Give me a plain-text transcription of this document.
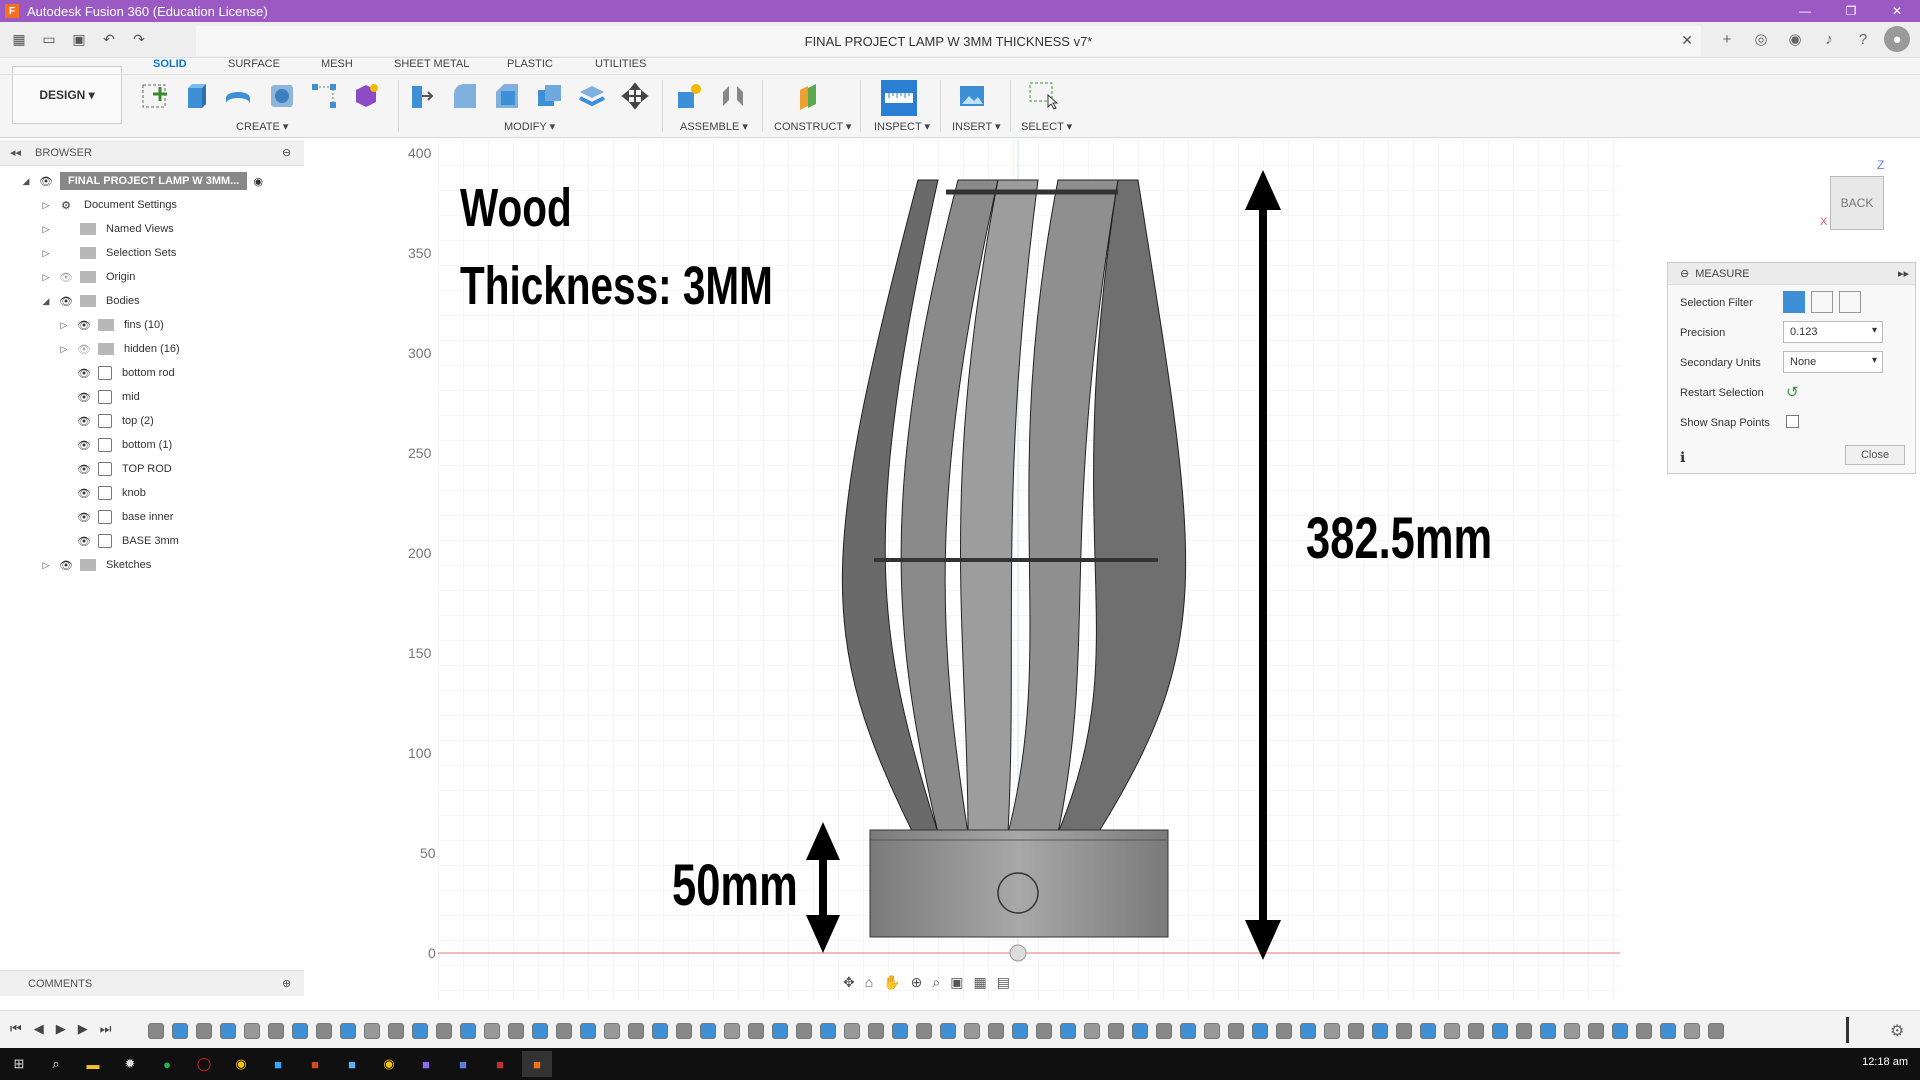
F Autodesk Fusion 360 (Education License)	—	❐	✕
▦	▭	▣	↶	↷	FINAL PROJECT LAMP W 3MM THICKNESS v7*	✕	+	◎	◉	♪	?	●
DESIGN ▾
SOLID	SURFACE	MESH	SHEET METAL	PLASTIC	UTILITIES
CREATE ▾	MODIFY ▾	ASSEMBLE ▾ CONSTRUCT ▾ INSPECT ▾ INSERT ▾ SELECT ▾
◂◂ BROWSER	⊖
◢ 👁	FINAL PROJECT LAMP W 3MM...	◉
▷ ⚙ Document Settings
▷	Named Views
▷	Selection Sets
▷ 👁	Origin
◢ 👁	Bodies
▷ 👁	fins (10)
▷ 👁	hidden (16)
👁	bottom rod
👁	mid
👁	top (2)
👁	bottom (1)
👁	TOP ROD
👁	knob
👁	base inner
👁	BASE 3mm
▷ 👁	Sketches
COMMENTS	⊕
400
350
300
250
200
150
100
50
0
Wood
Thickness: 3MM
382.5mm
50mm
✥ ⌂ ✋ ⊕ ⌕ ▣ ▦ ▤
BACK
Z
X
⊖ MEASURE	▸▸
Selection Filter
Precision	0.123 ▾
Secondary Units	None ▾
Restart Selection ↺
Show Snap Points
ℹ	Close
⏮ ◀ ▶ ▶ ⏭	⚙
⊞	⌕	▬	✹	●	◯	◉	■	■	■	◉	■	■	■	■	12:18 am
